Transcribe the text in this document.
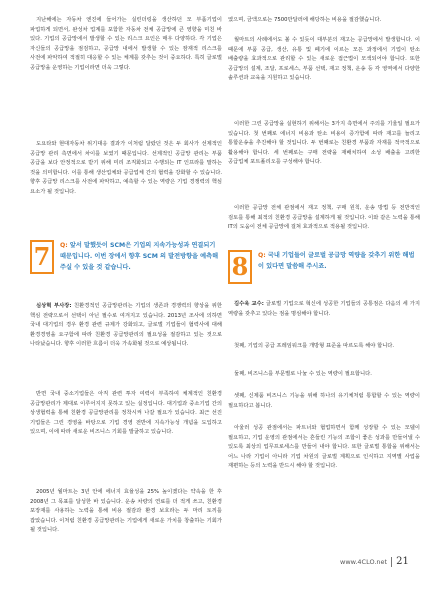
지난해에는 자동차 엔진에 들어가는 실린더링을 생산하던 모 부품기업이 파업하게 되면서, 완성차 업계를 포함한 자동차 전체 공급망에 큰 영향을 미친 바 있다. 기업의 공급망에서 발생할 수 있는 리스크 요인은 매우 다양하다. 각 기업은 자신들의 공급망을 점검하고, 공급망 내에서 발생할 수 있는 잠재적 리스크를 사전에 파악하여 적절히 대응할 수 있는 체계를 갖추는 것이 중요하다. 특히 글로벌 공급망을 운영하는 기업이라면 더욱 그렇다.

도요타와 현대자동차 위기대응 결과가 이처럼 달랐던 것은 두 회사가 선제적인 공급망 관리 측면에서 차이를 보였기 때문입니다. 선제적인 공급망 관리는 부품 공급을 보다 안정적으로 받기 위해 미리 조직화되고 수행되는 IT 인프라를 말하는 것을 의미합니다. 이를 통해 생산업체와 공급업체 간의 협력을 강화할 수 있습니다. 향후 공급망 리스크를 사전에 파악하고, 예측할 수 있는 역량은 기업 경쟁력의 핵심 요소가 될 것입니다.

7	Q: 앞서 말했듯이 SCM은 기업의 지속가능성과 연결되기 때문입니다. 이번 장에서 향후 SCM 의 발전방향을 예측해 주실 수 있을 것 같습니다.

심상혁 부사장: 친환경적인 공급망관리는 기업의 생존과 경쟁력의 향상을 위한 핵심 전략으로서 선택이 아닌 필수로 여겨지고 있습니다. 2013년 조사에 의하면 국내 대기업의 경우 환경 관련 규제가 강화되고, 글로벌 기업들이 협력사에 대해 환경경영을 요구함에 따라 친환경 공급망관리의 필요성을 절감하고 있는 것으로 나타났습니다. 향후 이러한 흐름이 더욱 가속화될 것으로 예상됩니다.

반면 국내 중소기업들은 아직 관련 투자 여력이 부족하여 체계적인 친환경 공급망관리가 제대로 이루어지지 못하고 있는 실정입니다. 대기업과 중소기업 간의 상생협력을 통해 친환경 공급망관리를 정착시켜 나갈 필요가 있습니다. 최근 선진 기업들은 그린 경영을 바탕으로 기업 경영 전반에 지속가능성 개념을 도입하고 있으며, 이에 따라 새로운 비즈니스 기회를 발굴하고 있습니다.

2005년 월마트는 3년 안에 에너지 효율성을 25% 높이겠다는 약속을 한 후 2008년 그 목표를 달성한 바 있습니다. 운송 차량의 연료를 더 적게 쓰고, 친환경 포장재를 사용하는 노력을 통해 비용 절감과 환경 보호라는 두 마리 토끼를 잡았습니다. 이처럼 친환경 공급망관리는 기업에게 새로운 가치를 창출하는 기회가 될 것입니다.

였으며, 금액으로는 7500만달러에 해당하는 비용을 절감했습니다.

월마트의 사례에서도 볼 수 있듯이 대부분의 재고는 공급망에서 발생합니다. 이 때문에 부품 공급, 생산, 유통 및 폐기에 이르는 모든 과정에서 기업이 탄소 배출량을 효과적으로 관리할 수 있는 새로운 접근법이 모색되어야 합니다. 또한 공급망의 설계, 조달, 프로세스, 부품 선택, 재고 정책, 운송 등 각 영역에서 다양한 솔루션과 교육을 지원하고 있습니다.

이러한 그린 공급망을 실현하기 위해서는 3가지 측면에서 주의를 기울일 필요가 있습니다. 첫 번째로 에너지 비용과 탄소 비용이 증가함에 따라 재고를 늘리고 통합운송을 추진해야 할 것입니다. 두 번째로는 친환경 부품과 자재를 적극적으로 활용해야 합니다. 세 번째로는 구매 전략을 재배치하여 소성 배출을 고려한 공급업체 포트폴리오를 구성해야 합니다.

이러한 공급망 전체 관점에서 재고 정책, 구매 원칙, 운송 방법 등 전반적인 검토를 통해 최적의 친환경 공급망을 설계하게 될 것입니다. 이와 같은 노력을 통해 IT의 도움이 전체 공급망에 걸쳐 효과적으로 적용될 것입니다.

8	Q: 국내 기업들이 글로벌 공급망 역량을 갖추기 위한 해법이 있다면 말씀해 주시죠.

김수욱 교수: 글로벌 기업으로 혁신에 성공한 기업들의 공통점은 다음의 세 가지 역량을 갖추고 있다는 점을 명심해야 합니다.

첫째, 기업의 공급 프레임워크를 개방형 표준을 따르도록 해야 합니다.

둘째, 비즈니스를 부문별로 나눌 수 있는 역량이 필요합니다.

셋째, 신제품 비즈니스 기능을 위해 하나의 유기체처럼 통합할 수 있는 역량이 필요하다고 봅니다.

아울러 성공 관점에서는 파트너와 협업하면서 함께 성장할 수 있는 모델이 필요하고, 기업 운영의 관점에서는 흔들린 기능의 조합이 좋은 성과를 만들어낼 수 있도록 최상의 업무프로세스를 만들어 내야 합니다. 또한 글로벌 통합을 위해서는 어느 나라 기업이 아니라 기업 차원의 글로벌 계획으로 인식하고 지역별 사업을 재편하는 등의 노력을 반드시 해야 할 것입니다.

www.4CLO.net 21
